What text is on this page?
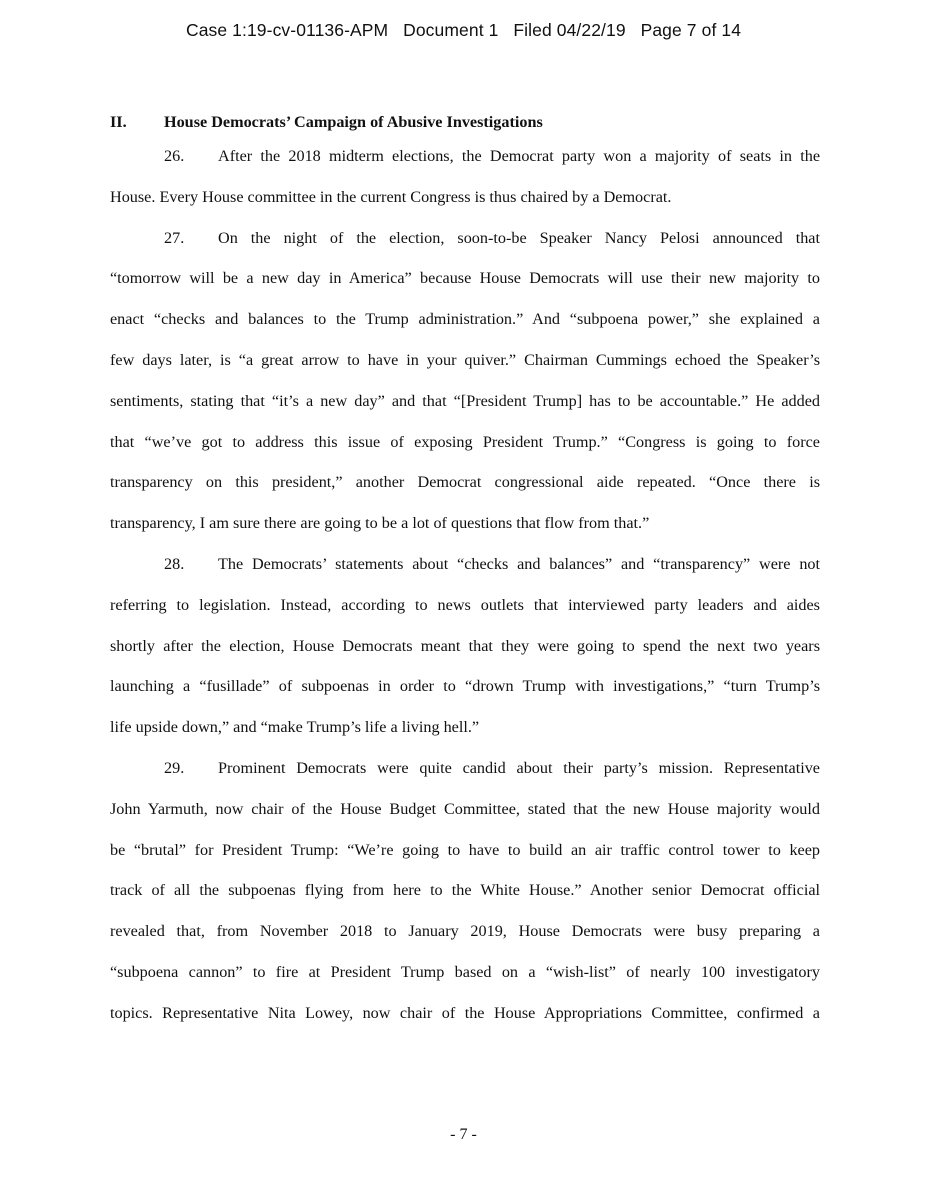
Case 1:19-cv-01136-APM Document 1 Filed 04/22/19 Page 7 of 14
II. House Democrats’ Campaign of Abusive Investigations
26. After the 2018 midterm elections, the Democrat party won a majority of seats in the
House. Every House committee in the current Congress is thus chaired by a Democrat.
27. On the night of the election, soon-to-be Speaker Nancy Pelosi announced that
“tomorrow will be a new day in America” because House Democrats will use their new majority to
enact “checks and balances to the Trump administration.” And “subpoena power,” she explained a
few days later, is “a great arrow to have in your quiver.” Chairman Cummings echoed the Speaker’s
sentiments, stating that “it’s a new day” and that “[President Trump] has to be accountable.” He added
that “we’ve got to address this issue of exposing President Trump.” “Congress is going to force
transparency on this president,” another Democrat congressional aide repeated. “Once there is
transparency, I am sure there are going to be a lot of questions that flow from that.”
28. The Democrats’ statements about “checks and balances” and “transparency” were not
referring to legislation. Instead, according to news outlets that interviewed party leaders and aides
shortly after the election, House Democrats meant that they were going to spend the next two years
launching a “fusillade” of subpoenas in order to “drown Trump with investigations,” “turn Trump’s
life upside down,” and “make Trump’s life a living hell.”
29. Prominent Democrats were quite candid about their party’s mission. Representative
John Yarmuth, now chair of the House Budget Committee, stated that the new House majority would
be “brutal” for President Trump: “We’re going to have to build an air traffic control tower to keep
track of all the subpoenas flying from here to the White House.” Another senior Democrat official
revealed that, from November 2018 to January 2019, House Democrats were busy preparing a
“subpoena cannon” to fire at President Trump based on a “wish-list” of nearly 100 investigatory
topics. Representative Nita Lowey, now chair of the House Appropriations Committee, confirmed a
- 7 -
